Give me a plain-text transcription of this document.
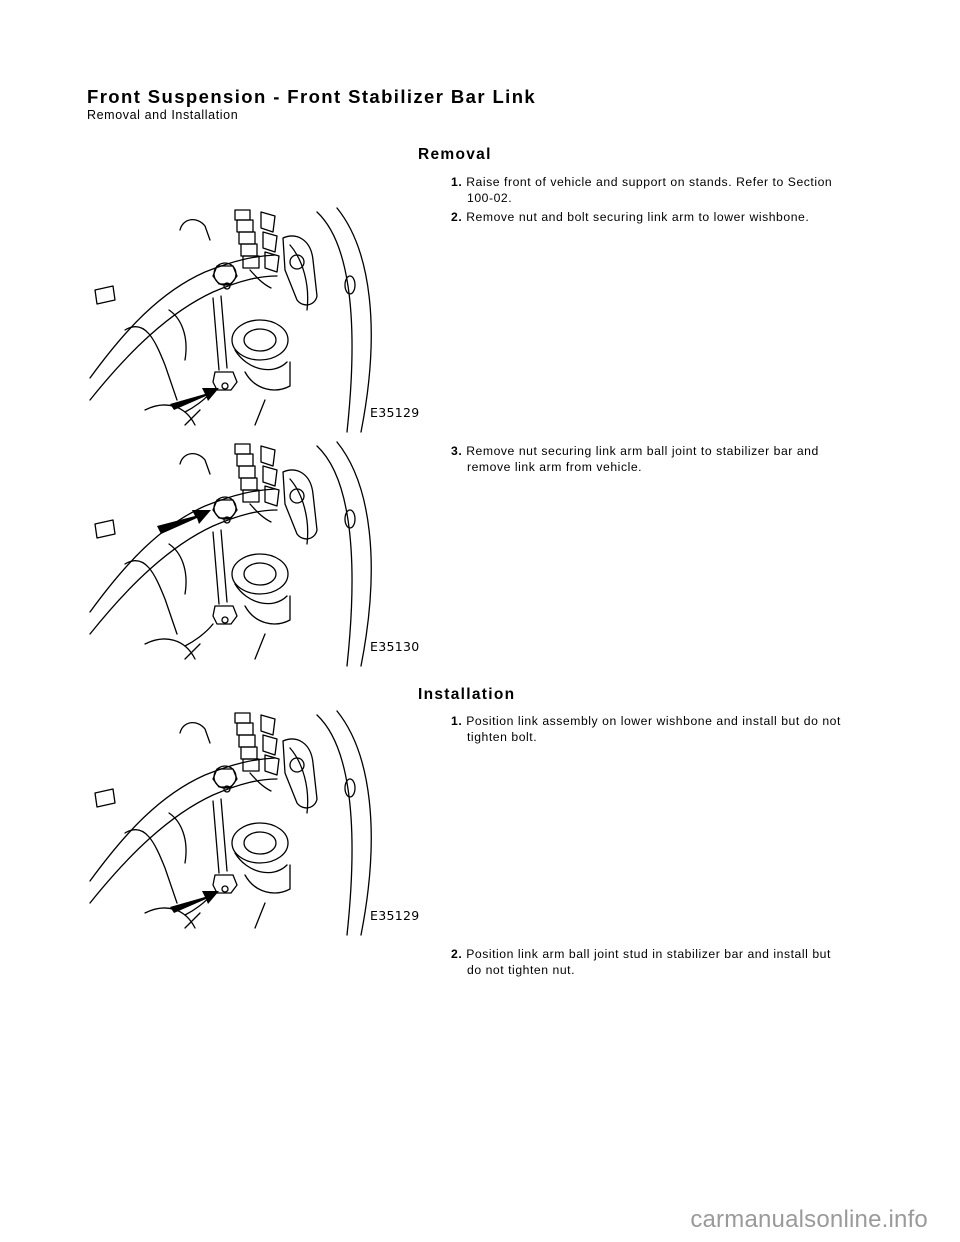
Front Suspension - Front Stabilizer Bar Link
Removal and Installation
Removal
1. Raise front of vehicle and support on stands. Refer to Section
100-02.
2. Remove nut and bolt securing link arm to lower wishbone.
3. Remove nut securing link arm ball joint to stabilizer bar and
remove link arm from vehicle.
Installation
1. Position link assembly on lower wishbone and install but do not
tighten bolt.
2. Position link arm ball joint stud in stabilizer bar and install but
do not tighten nut.
E35129
E35130
E35129
carmanualsonline.info
